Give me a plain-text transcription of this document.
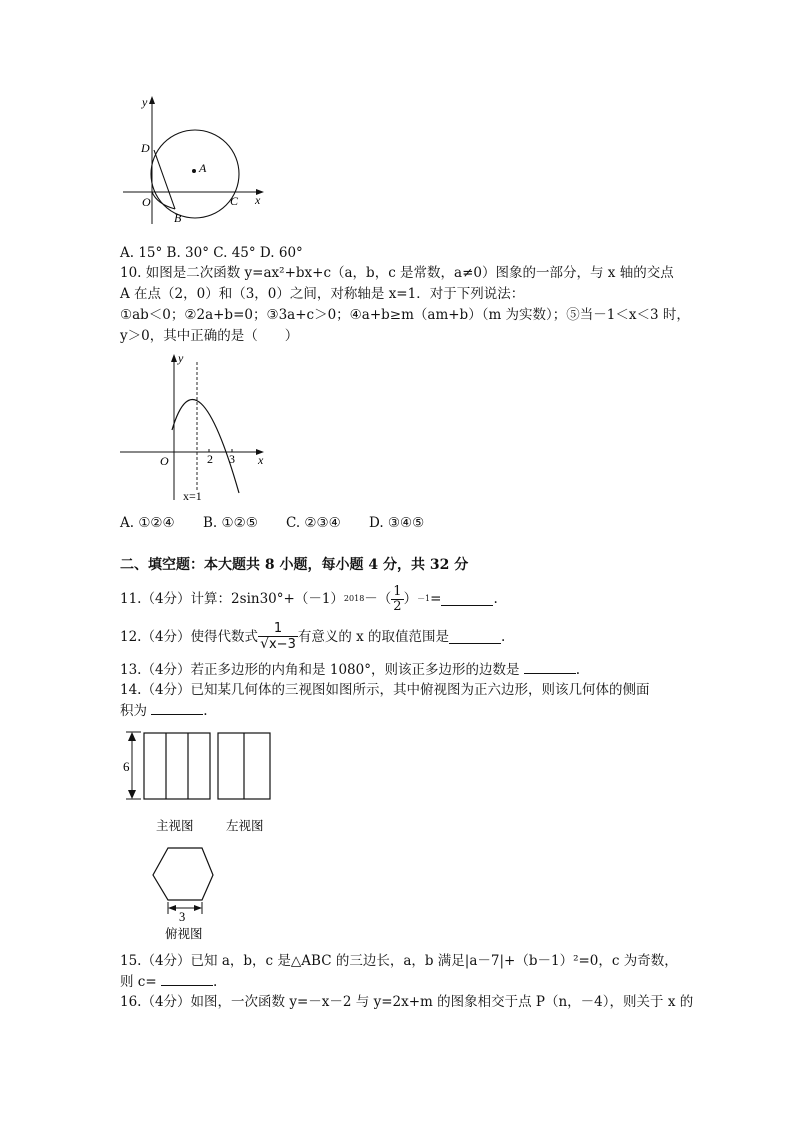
y
D
A
O
B
C x
A. 15° B. 30° C. 45° D. 60°
10. 如图是二次函数 y=ax²+bx+c（a，b，c 是常数，a≠0）图象的一部分，与 x 轴的交点
A 在点（2，0）和（3，0）之间，对称轴是 x=1．对于下列说法：
①ab＜0；②2a+b=0；③3a+c＞0；④a+b≥m（am+b）（m 为实数）；⑤当－1＜x＜3 时，
y＞0，其中正确的是（　　）
y
O	2 3 x
x=1
A. ①②④ B. ①②⑤ C. ②③④ D. ③④⑤
二、填空题：本大题共 8 小题，每小题 4 分，共 32 分
11.（4分）计算：2sin30°+（－1） 2018 －（ $\frac{1}{2}$ ） －1 =	.
12.（4分）使得代数式 $\frac{1}{√x-3}$ 有意义的 x 的取值范围是	.
13.（4分）若正多边形的内角和是 1080°，则该正多边形的边数是	.
14.（4分）已知某几何体的三视图如图所示，其中俯视图为正六边形，则该几何体的侧面
积为	.
6
主视图	左视图
3
俯视图
15.（4分）已知 a，b，c 是△ABC 的三边长，a，b 满足|a－7|+（b－1）²=0，c 为奇数，
则 c=	.
16.（4分）如图，一次函数 y=－x－2 与 y=2x+m 的图象相交于点 P（n，－4），则关于 x 的
